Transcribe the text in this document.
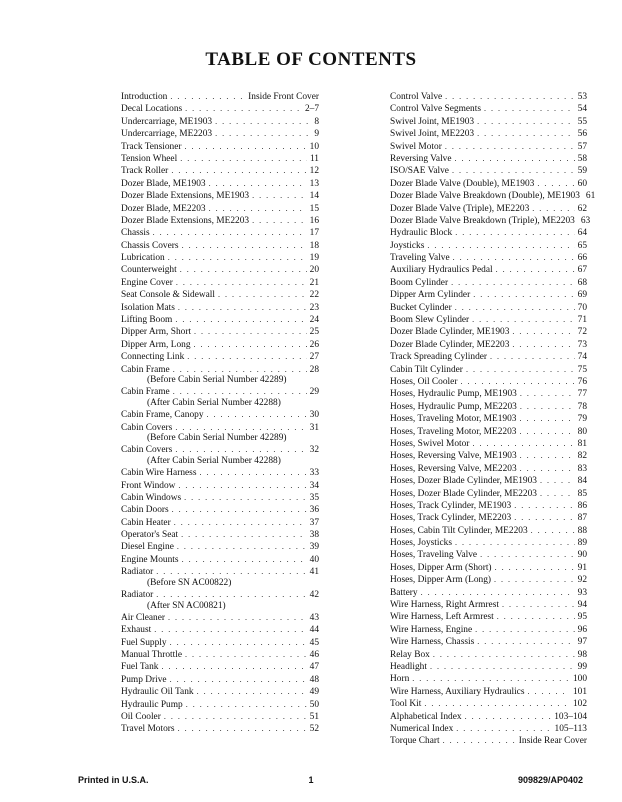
TABLE OF CONTENTS
Introduction . . .	Inside Front Cover
Decal Locations . . .	2–7
Undercarriage, ME1903 . . .	8
Undercarriage, ME2203 . . .	9
Track Tensioner . . .	10
Tension Wheel . . .	11
Track Roller . . .	12
Dozer Blade, ME1903 . . .	13
Dozer Blade Extensions, ME1903 . . .	14
Dozer Blade, ME2203 . . .	15
Dozer Blade Extensions, ME2203 . . .	16
Chassis . . .	17
Chassis Covers . . .	18
Lubrication . . .	19
Counterweight . . .	20
Engine Cover . . .	21
Seat Console & Sidewall . . .	22
Isolation Mats . . .	23
Lifting Boom . . .	24
Dipper Arm, Short . . .	25
Dipper Arm, Long . . .	26
Connecting Link . . .	27
Cabin Frame . . .	28
(Before Cabin Serial Number 42289)
Cabin Frame . . .	29
(After Cabin Serial Number 42288)
Cabin Frame, Canopy . . .	30
Cabin Covers . . .	31
(Before Cabin Serial Number 42289)
Cabin Covers . . .	32
(After Cabin Serial Number 42288)
Cabin Wire Harness . . .	33
Front Window . . .	34
Cabin Windows . . .	35
Cabin Doors . . .	36
Cabin Heater . . .	37
Operator's Seat . . .	38
Diesel Engine . . .	39
Engine Mounts . . .	40
Radiator . . .	41
(Before SN AC00822)
Radiator . . .	42
(After SN AC00821)
Air Cleaner . . .	43
Exhaust . . .	44
Fuel Supply . . .	45
Manual Throttle . . .	46
Fuel Tank . . .	47
Pump Drive . . .	48
Hydraulic Oil Tank . . .	49
Hydraulic Pump . . .	50
Oil Cooler . . .	51
Travel Motors . . .	52
Control Valve . . .	53
Control Valve Segments . . .	54
Swivel Joint, ME1903 . . .	55
Swivel Joint, ME2203 . . .	56
Swivel Motor . . .	57
Reversing Valve . . .	58
ISO/SAE Valve . . .	59
Dozer Blade Valve (Double), ME1903 . . .	60
Dozer Blade Valve Breakdown (Double), ME1903 61
Dozer Blade Valve (Triple), ME2203 . . .	62
Dozer Blade Valve Breakdown (Triple), ME2203 63
Hydraulic Block . . .	64
Joysticks . . .	65
Traveling Valve . . .	66
Auxiliary Hydraulics Pedal . . .	67
Boom Cylinder . . .	68
Dipper Arm Cylinder . . .	69
Bucket Cylinder . . .	70
Boom Slew Cylinder . . .	71
Dozer Blade Cylinder, ME1903 . . .	72
Dozer Blade Cylinder, ME2203 . . .	73
Track Spreading Cylinder . . .	74
Cabin Tilt Cylinder . . .	75
Hoses, Oil Cooler . . .	76
Hoses, Hydraulic Pump, ME1903 . . .	77
Hoses, Hydraulic Pump, ME2203 . . .	78
Hoses, Traveling Motor, ME1903 . . .	79
Hoses, Traveling Motor, ME2203 . . .	80
Hoses, Swivel Motor . . .	81
Hoses, Reversing Valve, ME1903 . . .	82
Hoses, Reversing Valve, ME2203 . . .	83
Hoses, Dozer Blade Cylinder, ME1903 . . .	84
Hoses, Dozer Blade Cylinder, ME2203 . . .	85
Hoses, Track Cylinder, ME1903 . . .	86
Hoses, Track Cylinder, ME2203 . . .	87
Hoses, Cabin Tilt Cylinder, ME2203 . . .	88
Hoses, Joysticks . . .	89
Hoses, Traveling Valve . . .	90
Hoses, Dipper Arm (Short) . . .	91
Hoses, Dipper Arm (Long) . . .	92
Battery . . .	93
Wire Harness, Right Armrest . . .	94
Wire Harness, Left Armrest . . .	95
Wire Harness, Engine . . .	96
Wire Harness, Chassis . . .	97
Relay Box . . .	98
Headlight . . .	99
Horn . . .	100
Wire Harness, Auxiliary Hydraulics . . .	101
Tool Kit . . .	102
Alphabetical Index . . .	103–104
Numerical Index . . .	105–113
Torque Chart . . .	Inside Rear Cover
Printed in U.S.A.	1	909829/AP0402
